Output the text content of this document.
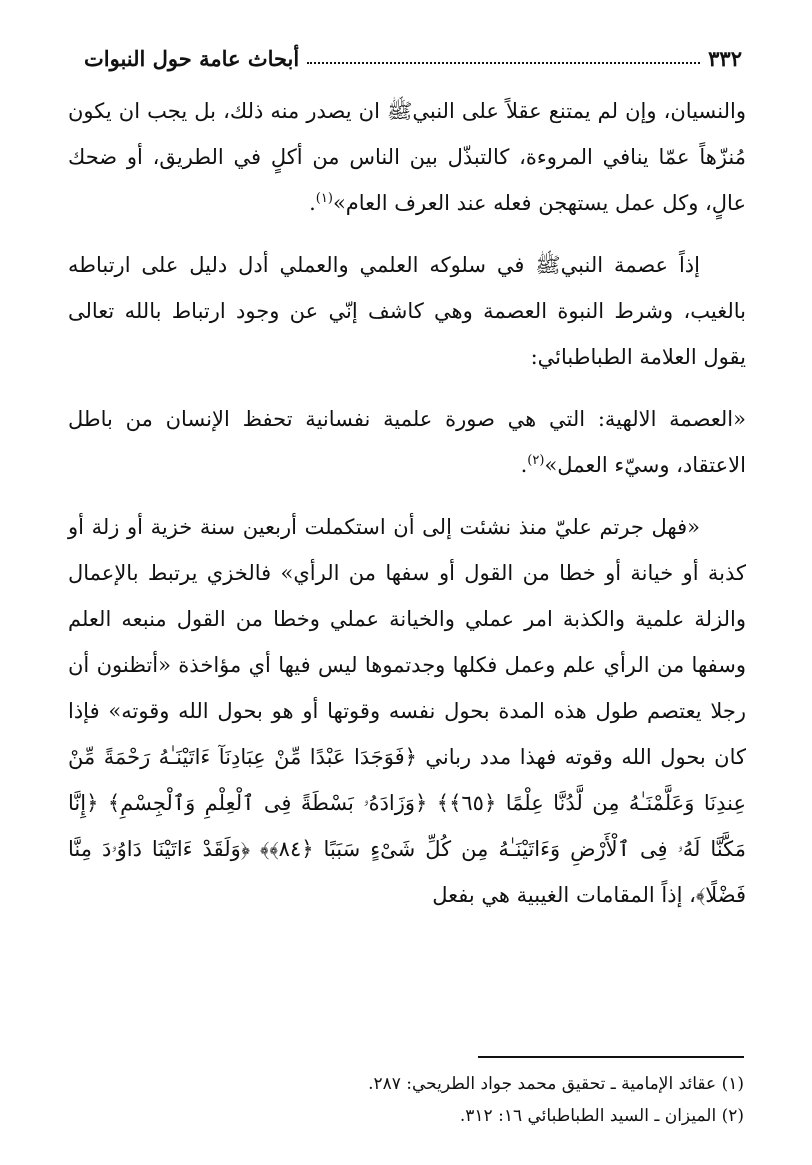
٣٣٢
أبحاث عامة حول النبوات

والنسيان، وإن لم يمتنع عقلاً على النبيﷺ ان يصدر منه ذلك، بل يجب ان يكون مُنزّهاً عمّا ينافي المروءة، كالتبذّل بين الناس من أكلٍ في الطريق، أو ضحك عالٍ، وكل عمل يستهجن فعله عند العرف العام»$^{(١)}$.

إذاً عصمة النبيﷺ في سلوكه العلمي والعملي أدل دليل على ارتباطه بالغيب، وشرط النبوة العصمة وهي كاشف إنّي عن وجود ارتباط بالله تعالى يقول العلامة الطباطبائي:

«العصمة الالهية: التي هي صورة علمية نفسانية تحفظ الإنسان من باطل الاعتقاد، وسيّء العمل»$^{(٢)}$.

«فهل جرتم عليّ منذ نشئت إلى أن استكملت أربعين سنة خزية أو زلة أو كذبة أو خيانة أو خطا من القول أو سفها من الرأي» فالخزي يرتبط بالإعمال والزلة علمية والكذبة امر عملي والخيانة عملي وخطا من القول منبعه العلم وسفها من الرأي علم وعمل فكلها وجدتموها ليس فيها أي مؤاخذة «أتظنون أن رجلا يعتصم طول هذه المدة بحول نفسه وقوتها أو هو بحول الله وقوته» فإذا كان بحول الله وقوته فهذا مدد رباني ﴿فَوَجَدَا عَبْدًا مِّنْ عِبَادِنَآ ءَاتَيْنَـٰهُ رَحْمَةً مِّنْ عِندِنَا وَعَلَّمْنَـٰهُ مِن لَّدُنَّا عِلْمًا ﴿٦٥﴾﴾ ﴿وَزَادَهُۥ بَسْطَةً فِى ٱلْعِلْمِ وَٱلْجِسْمِ﴾ ﴿إِنَّا مَكَّنَّا لَهُۥ فِى ٱلْأَرْضِ وَءَاتَيْنَـٰهُ مِن كُلِّ شَىْءٍ سَبَبًا ﴿٨٤﴾﴾ ﴿وَلَقَدْ ءَاتَيْنَا دَاوُۥدَ مِنَّا فَضْلًا﴾، إذاً المقامات الغيبية هي بفعل

(١) عقائد الإمامية ـ تحقيق محمد جواد الطريحي: ٢٨٧.

(٢) الميزان ـ السيد الطباطبائي ١٦: ٣١٢.
